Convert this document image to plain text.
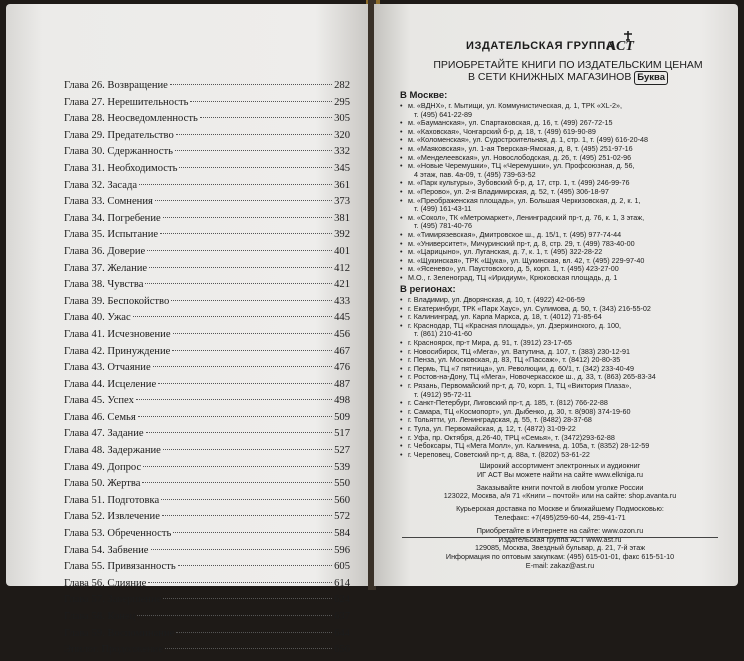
Глава 26. Возвращение	282
Глава 27. Нерешительность	295
Глава 28. Неосведомленность	305
Глава 29. Предательство	320
Глава 30. Сдержанность	332
Глава 31. Необходимость	345
Глава 32. Засада	361
Глава 33. Сомнения	373
Глава 34. Погребение	381
Глава 35. Испытание	392
Глава 36. Доверие	401
Глава 37. Желание	412
Глава 38. Чувства	421
Глава 39. Беспокойство	433
Глава 40. Ужас	445
Глава 41. Исчезновение	456
Глава 42. Принуждение	467
Глава 43. Отчаяние	476
Глава 44. Исцеление	487
Глава 45. Успех	498
Глава 46. Семья	509
Глава 47. Задание	517
Глава 48. Задержание	527
Глава 49. Допрос	539
Глава 50. Жертва	550
Глава 51. Подготовка	560
Глава 52. Извлечение	572
Глава 53. Обреченность	584
Глава 54. Забвение	596
Глава 55. Привязанность	605
Глава 56. Слияние	614
Глава 57. Завершение	624
Глава 58. Конец	637
Глава 59. Воспоминание	644
Эпилог. Продолжение	656
ИЗДАТЕЛЬСКАЯ ГРУППА
АСТ
ПРИОБРЕТАЙТЕ КНИГИ ПО ИЗДАТЕЛЬСКИМ ЦЕНАМ
В СЕТИ КНИЖНЫХ МАГАЗИНОВ Буква
В Москве:
• м. «ВДНХ», г. Мытищи, ул. Коммунистическая, д. 1, ТРК «XL-2»,
т. (495) 641-22-89
• м. «Бауманская», ул. Спартаковская, д. 16, т. (499) 267-72-15
• м. «Каховская», Чонгарский б-р, д. 18, т. (499) 619-90-89
• м. «Коломенская», ул. Судостроительная, д. 1, стр. 1, т. (499) 616-20-48
• м. «Маяковская», ул. 1-ая Тверская-Ямская, д. 8, т. (495) 251-97-16
• м. «Менделеевская», ул. Новослободская, д. 26, т. (495) 251-02-96
• м. «Новые Черемушки», ТЦ «Черемушки», ул. Профсоюзная, д. 56,
4 этаж, пав. 4а-09, т. (495) 739-63-52
• м. «Парк культуры», Зубовский б-р, д. 17, стр. 1, т. (499) 246-99-76
• м. «Перово», ул. 2-я Владимирская, д. 52, т. (495) 306-18-97
• м. «Преображенская площадь», ул. Большая Черкизовская, д. 2, к. 1,
т. (499) 161-43-11
• м. «Сокол», ТК «Метромаркет», Ленинградский пр-т, д. 76, к. 1, 3 этаж,
т. (495) 781-40-76
• м. «Тимирязевская», Дмитровское ш., д. 15/1, т. (495) 977-74-44
• м. «Университет», Мичуринский пр-т, д. 8, стр. 29, т. (499) 783-40-00
• м. «Царицыно», ул. Луганская, д. 7, к. 1, т. (495) 322-28-22
• м. «Щукинская», ТРК «Щука», ул. Щукинская, вл. 42, т. (495) 229-97-40
• м. «Ясенево», ул. Паустовского, д. 5, корп. 1, т. (495) 423-27-00
• М.О., г. Зеленоград, ТЦ «Иридиум», Крюковская площадь, д. 1
В регионах:
• г. Владимир, ул. Дворянская, д. 10, т. (4922) 42-06-59
• г. Екатеринбург, ТРК «Парк Хаус», ул. Сулимова, д. 50, т. (343) 216-55-02
• г. Калининград, ул. Карла Маркса, д. 18, т. (4012) 71-85-64
• г. Краснодар, ТЦ «Красная площадь», ул. Дзержинского, д. 100,
т. (861) 210-41-60
• г. Красноярск, пр-т Мира, д. 91, т. (3912) 23-17-65
• г. Новосибирск, ТЦ «Мега», ул. Ватутина, д. 107, т. (383) 230-12-91
• г. Пенза, ул. Московская, д. 83, ТЦ «Пассаж», т. (8412) 20-80-35
• г. Пермь, ТЦ «7 пятница», ул. Революции, д. 60/1, т. (342) 233-40-49
• г. Ростов-на-Дону, ТЦ «Мега», Новочеркасское ш., д. 33, т. (863) 265-83-34
• г. Рязань, Первомайский пр-т, д. 70, корп. 1, ТЦ «Виктория Плаза»,
т. (4912) 95-72-11
• г. Санкт-Петербург, Лиговский пр-т, д. 185, т. (812) 766-22-88
• г. Самара, ТЦ «Космопорт», ул. Дыбенко, д. 30, т. 8(908) 374-19-60
• г. Тольятти, ул. Ленинградская, д. 55, т. (8482) 28-37-68
• г. Тула, ул. Первомайская, д. 12, т. (4872) 31-09-22
• г. Уфа, пр. Октября, д.26-40, ТРЦ «Семья», т. (3472)293-62-88
• г. Чебоксары, ТЦ «Мега Молл», ул. Калинина, д. 105а, т. (8352) 28-12-59
• г. Череповец, Советский пр-т, д. 88а, т. (8202) 53-61-22
Широкий ассортимент электронных и аудиокниг
ИГ АСТ Вы можете найти на сайте www.elkniga.ru
Заказывайте книги почтой в любом уголке России
123022, Москва, а/я 71 «Книги – почтой» или на сайте: shop.avanta.ru
Курьерская доставка по Москве и ближайшему Подмосковью:
Телефакс: +7(495)259-60-44, 259-41-71
Приобретайте в Интернете на сайте: www.ozon.ru
Издательская группа АСТ www.ast.ru
129085, Москва, Звездный бульвар, д. 21, 7-й этаж
Информация по оптовым закупкам: (495) 615-01-01, факс 615-51-10
E-mail: zakaz@ast.ru
